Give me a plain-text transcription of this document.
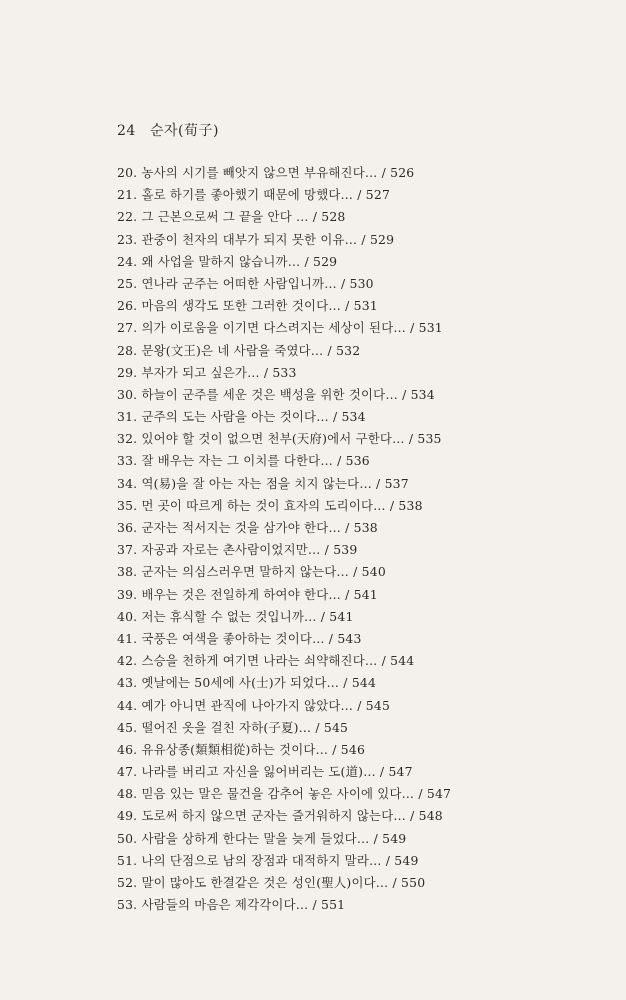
24 순자(荀子)
20. 농사의 시기를 빼앗지 않으면 부유해진다… / 526
21. 홀로 하기를 좋아했기 때문에 망했다… / 527
22. 그 근본으로써 그 끝을 안다 … / 528
23. 관중이 천자의 대부가 되지 못한 이유… / 529
24. 왜 사업을 말하지 않습니까… / 529
25. 연나라 군주는 어떠한 사람입니까… / 530
26. 마음의 생각도 또한 그러한 것이다… / 531
27. 의가 이로움을 이기면 다스려지는 세상이 된다… / 531
28. 문왕(文王)은 네 사람을 죽였다… / 532
29. 부자가 되고 싶은가… / 533
30. 하늘이 군주를 세운 것은 백성을 위한 것이다… / 534
31. 군주의 도는 사람을 아는 것이다… / 534
32. 있어야 할 것이 없으면 천부(天府)에서 구한다… / 535
33. 잘 배우는 자는 그 이치를 다한다… / 536
34. 역(易)을 잘 아는 자는 점을 치지 않는다… / 537
35. 먼 곳이 따르게 하는 것이 효자의 도리이다… / 538
36. 군자는 적서지는 것을 삼가야 한다… / 538
37. 자공과 자로는 촌사람이었지만… / 539
38. 군자는 의심스러우면 말하지 않는다… / 540
39. 배우는 것은 전일하게 하여야 한다… / 541
40. 저는 휴식할 수 없는 것입니까… / 541
41. 국풍은 여색을 좋아하는 것이다… / 543
42. 스승을 천하게 여기면 나라는 쇠약해진다… / 544
43. 옛날에는 50세에 사(士)가 되었다… / 544
44. 예가 아니면 관직에 나아가지 않았다… / 545
45. 떨어진 옷을 걸친 자하(子夏)… / 545
46. 유유상종(類類相從)하는 것이다… / 546
47. 나라를 버리고 자신을 잃어버리는 도(道)… / 547
48. 믿음 있는 말은 물건을 감추어 놓은 사이에 있다… / 547
49. 도로써 하지 않으면 군자는 즐거워하지 않는다… / 548
50. 사람을 상하게 한다는 말을 늦게 들었다… / 549
51. 나의 단점으로 남의 장점과 대적하지 말라… / 549
52. 말이 많아도 한결같은 것은 성인(聖人)이다… / 550
53. 사람들의 마음은 제각각이다… / 551
